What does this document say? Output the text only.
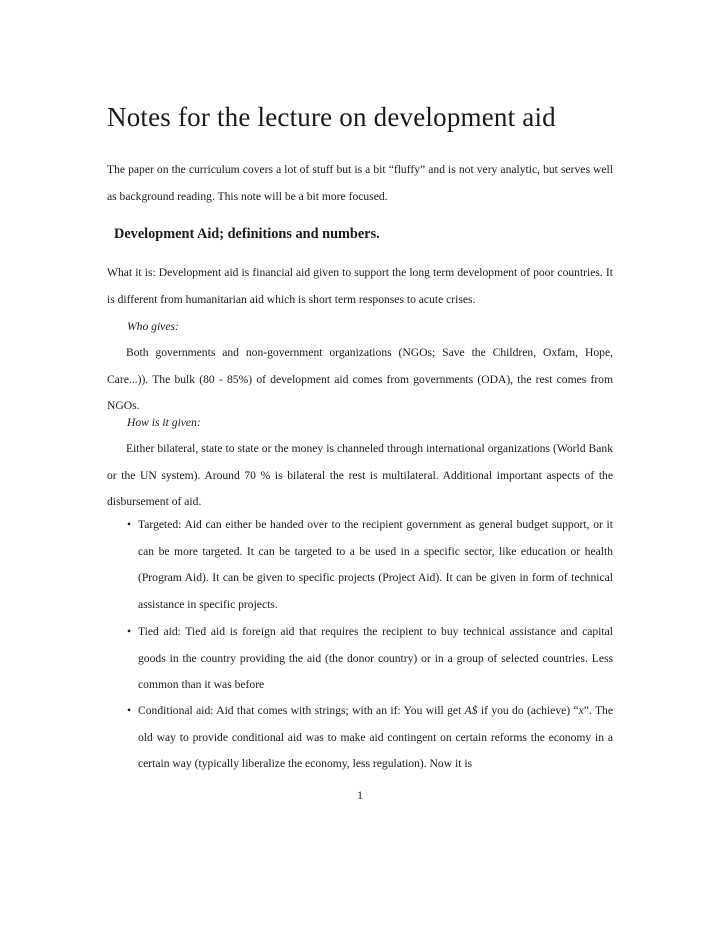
Notes for the lecture on development aid

The paper on the curriculum covers a lot of stuff but is a bit “fluffy” and is not very analytic, but serves well as background reading. This note will be a bit more focused.

Development Aid; definitions and numbers.

What it is: Development aid is financial aid given to support the long term development of poor countries. It is different from humanitarian aid which is short term responses to acute crises.

Who gives:

Both governments and non-government organizations (NGOs; Save the Children, Oxfam, Hope, Care...)). The bulk (80 - 85%) of development aid comes from governments (ODA), the rest comes from NGOs.

How is it given:

Either bilateral, state to state or the money is channeled through international organizations (World Bank or the UN system). Around 70 % is bilateral the rest is multilateral. Additional important aspects of the disbursement of aid.

• Targeted: Aid can either be handed over to the recipient government as general budget support, or it can be more targeted. It can be targeted to a be used in a specific sector, like education or health (Program Aid). It can be given to specific projects (Project Aid). It can be given in form of technical assistance in specific projects.
• Tied aid: Tied aid is foreign aid that requires the recipient to buy technical assistance and capital goods in the country providing the aid (the donor country) or in a group of selected countries. Less common than it was before
• Conditional aid: Aid that comes with strings; with an if: You will get A$ if you do (achieve) “x”. The old way to provide conditional aid was to make aid contingent on certain reforms the economy in a certain way (typically liberalize the economy, less regulation). Now it is
1
